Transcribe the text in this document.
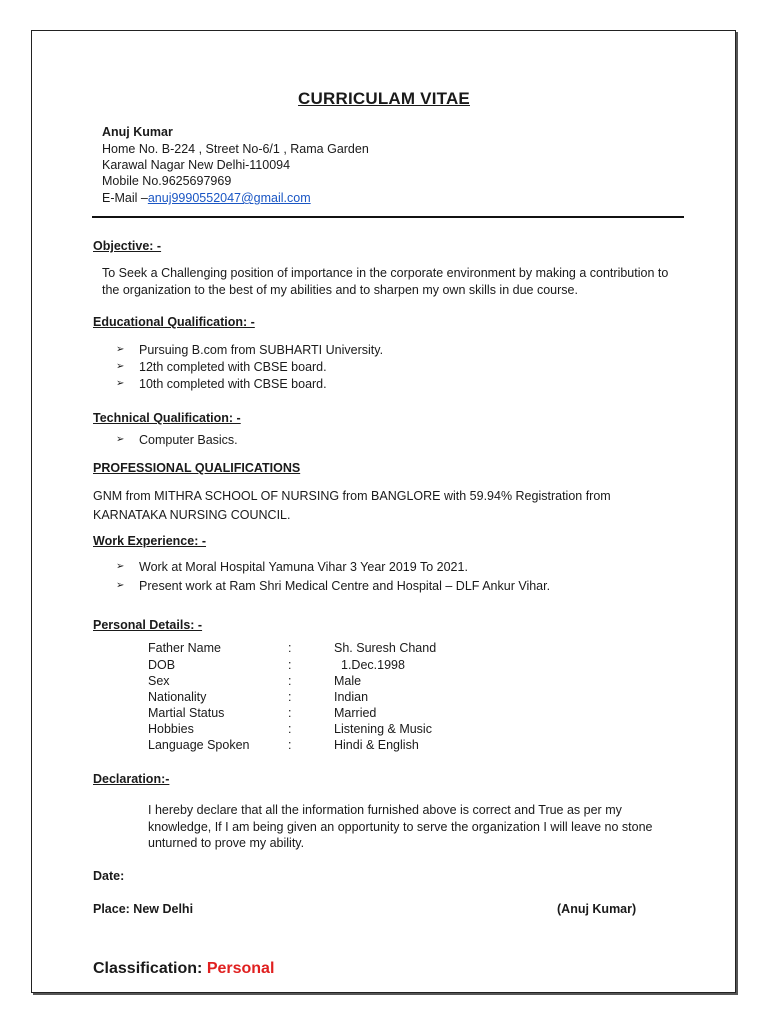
CURRICULAM VITAE
Anuj Kumar
Home No. B-224 , Street No-6/1 , Rama Garden
Karawal Nagar New Delhi-110094
Mobile No.9625697969
E-Mail –anuj9990552047@gmail.com
Objective: -
To Seek a Challenging position of importance in the corporate environment by making a contribution to the organization to the best of my abilities and to sharpen my own skills in due course.
Educational Qualification: -
➢ Pursuing B.com from SUBHARTI University.
➢ 12th completed with CBSE board.
➢ 10th completed with CBSE board.
Technical Qualification: -
➢ Computer Basics.
PROFESSIONAL QUALIFICATIONS
GNM from MITHRA SCHOOL OF NURSING from BANGLORE with 59.94% Registration from KARNATAKA NURSING COUNCIL.
Work Experience: -
➢ Work at Moral Hospital Yamuna Vihar 3 Year 2019 To 2021.
➢ Present work at Ram Shri Medical Centre and Hospital – DLF Ankur Vihar.
Personal Details: -
Father Name	:	Sh. Suresh Chand
DOB	:	1.Dec.1998
Sex	:	Male
Nationality	:	Indian
Martial Status	:	Married
Hobbies	:	Listening & Music
Language Spoken	:	Hindi & English
Declaration:-
I hereby declare that all the information furnished above is correct and True as per my knowledge, If I am being given an opportunity to serve the organization I will leave no stone unturned to prove my ability.
Date:
Place: New Delhi	(Anuj Kumar)
Classification: Personal
